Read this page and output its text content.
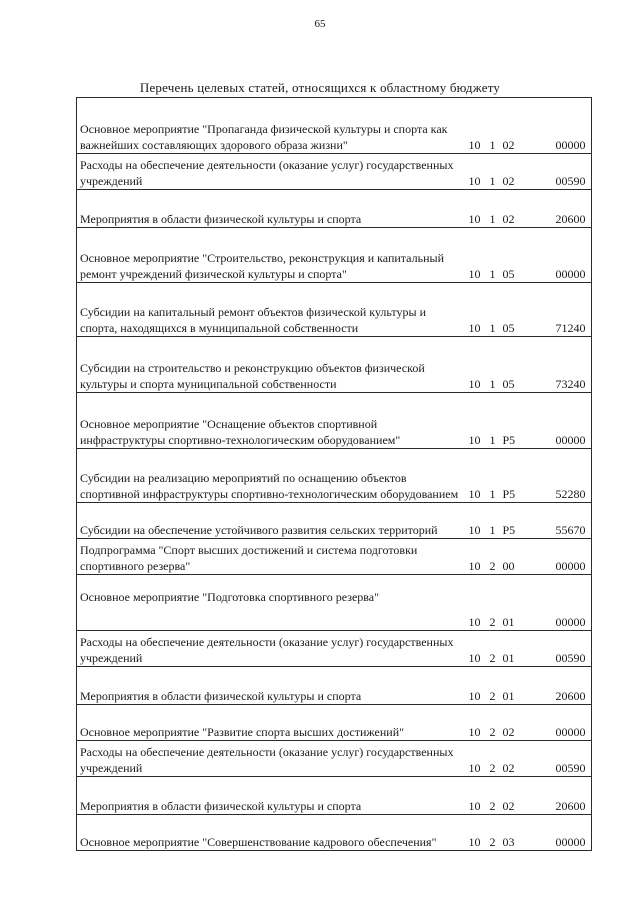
65
Перечень целевых статей, относящихся к областному бюджету
Основное мероприятие "Пропаганда физической культуры и спорта как важнейших составляющих здорового образа жизни"	10 1 02 00000

Расходы на обеспечение деятельности (оказание услуг) государственных учреждений	10 1 02 00590

Мероприятия в области физической культуры и спорта	10 1 02 20600

Основное мероприятие "Строительство, реконструкция и капитальный ремонт учреждений физической культуры и спорта"	10 1 05 00000

Субсидии на капитальный ремонт объектов физической культуры и спорта, находящихся в муниципальной собственности	10 1 05 71240

Субсидии на строительство и реконструкцию объектов физической культуры и спорта муниципальной собственности	10 1 05 73240

Основное мероприятие "Оснащение объектов спортивной инфраструктуры спортивно-технологическим оборудованием"	10 1 P5 00000

Субсидии на реализацию мероприятий по оснащению объектов спортивной инфраструктуры спортивно-технологическим оборудованием	10 1 P5 52280

Субсидии на обеспечение устойчивого развития сельских территорий	10 1 P5 55670

Подпрограмма "Спорт высших достижений и система подготовки спортивного резерва"	10 2 00 00000

Основное мероприятие "Подготовка спортивного резерва"	10 2 01 00000

Расходы на обеспечение деятельности (оказание услуг) государственных учреждений	10 2 01 00590

Мероприятия в области физической культуры и спорта	10 2 01 20600

Основное мероприятие "Развитие спорта высших достижений"	10 2 02 00000

Расходы на обеспечение деятельности (оказание услуг) государственных учреждений	10 2 02 00590

Мероприятия в области физической культуры и спорта	10 2 02 20600

Основное мероприятие "Совершенствование кадрового обеспечения"	10 2 03 00000
